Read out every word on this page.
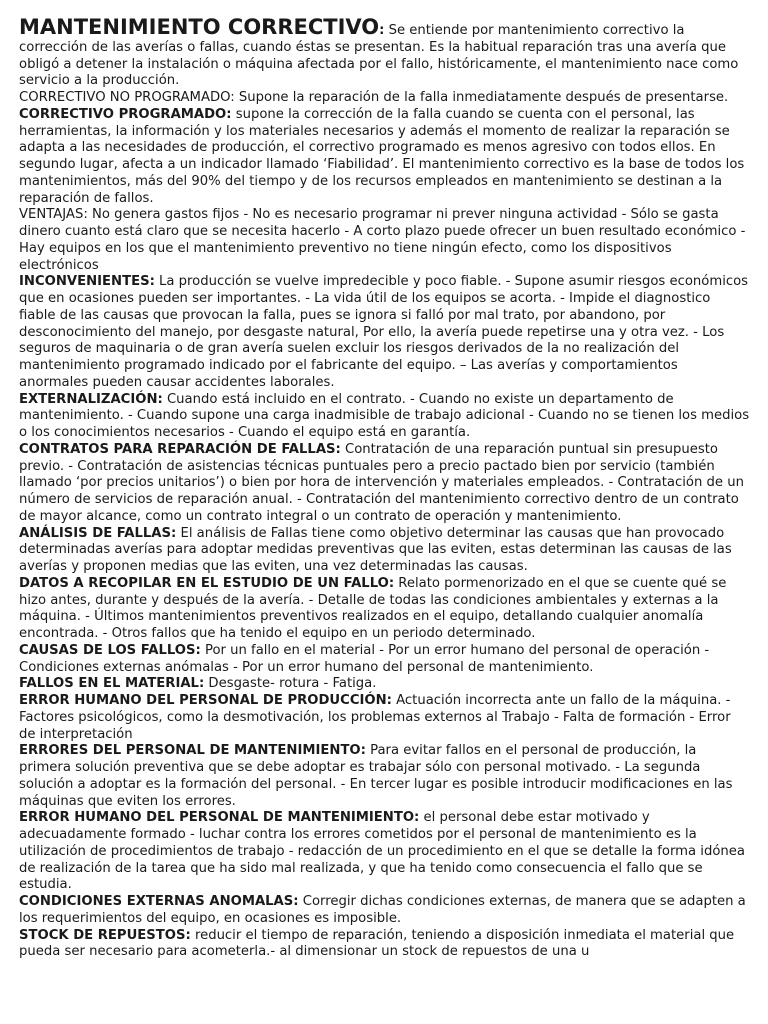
MANTENIMIENTO CORRECTIVO: Se entiende por mantenimiento correctivo la corrección de las averías o fallas, cuando éstas se presentan. Es la habitual reparación tras una avería que obligó a detener la instalación o máquina afectada por el fallo, históricamente, el mantenimiento nace como servicio a la producción.

CORRECTIVO NO PROGRAMADO: Supone la reparación de la falla inmediatamente después de presentarse.

CORRECTIVO PROGRAMADO: supone la corrección de la falla cuando se cuenta con el personal, las herramientas, la información y los materiales necesarios y además el momento de realizar la reparación se adapta a las necesidades de producción, el correctivo programado es menos agresivo con todos ellos. En segundo lugar, afecta a un indicador llamado ‘Fiabilidad’. El mantenimiento correctivo es la base de todos los mantenimientos, más del 90% del tiempo y de los recursos empleados en mantenimiento se destinan a la reparación de fallos.

VENTAJAS: No genera gastos fijos - No es necesario programar ni prever ninguna actividad - Sólo se gasta dinero cuanto está claro que se necesita hacerlo - A corto plazo puede ofrecer un buen resultado económico - Hay equipos en los que el mantenimiento preventivo no tiene ningún efecto, como los dispositivos electrónicos

INCONVENIENTES: La producción se vuelve impredecible y poco fiable. - Supone asumir riesgos económicos que en ocasiones pueden ser importantes. - La vida útil de los equipos se acorta. - Impide el diagnostico fiable de las causas que provocan la falla, pues se ignora si falló por mal trato, por abandono, por desconocimiento del manejo, por desgaste natural, Por ello, la avería puede repetirse una y otra vez. - Los seguros de maquinaria o de gran avería suelen excluir los riesgos derivados de la no realización del mantenimiento programado indicado por el fabricante del equipo. – Las averías y comportamientos anormales pueden causar accidentes laborales.

EXTERNALIZACIÓN: Cuando está incluido en el contrato. - Cuando no existe un departamento de mantenimiento. - Cuando supone una carga inadmisible de trabajo adicional - Cuando no se tienen los medios o los conocimientos necesarios - Cuando el equipo está en garantía.

CONTRATOS PARA REPARACIÓN DE FALLAS: Contratación de una reparación puntual sin presupuesto previo. - Contratación de asistencias técnicas puntuales pero a precio pactado bien por servicio (también llamado ‘por precios unitarios’) o bien por hora de intervención y materiales empleados. - Contratación de un número de servicios de reparación anual. - Contratación del mantenimiento correctivo dentro de un contrato de mayor alcance, como un contrato integral o un contrato de operación y mantenimiento.

ANÁLISIS DE FALLAS: El análisis de Fallas tiene como objetivo determinar las causas que han provocado determinadas averías para adoptar medidas preventivas que las eviten, estas determinan las causas de las averías y proponen medias que las eviten, una vez determinadas las causas.

DATOS A RECOPILAR EN EL ESTUDIO DE UN FALLO: Relato pormenorizado en el que se cuente qué se hizo antes, durante y después de la avería. - Detalle de todas las condiciones ambientales y externas a la máquina. - Últimos mantenimientos preventivos realizados en el equipo, detallando cualquier anomalía encontrada. - Otros fallos que ha tenido el equipo en un periodo determinado.

CAUSAS DE LOS FALLOS: Por un fallo en el material - Por un error humano del personal de operación - Condiciones externas anómalas - Por un error humano del personal de mantenimiento.

FALLOS EN EL MATERIAL: Desgaste- rotura - Fatiga.

ERROR HUMANO DEL PERSONAL DE PRODUCCIÓN: Actuación incorrecta ante un fallo de la máquina. - Factores psicológicos, como la desmotivación, los problemas externos al Trabajo - Falta de formación - Error de interpretación

ERRORES DEL PERSONAL DE MANTENIMIENTO: Para evitar fallos en el personal de producción, la primera solución preventiva que se debe adoptar es trabajar sólo con personal motivado. - La segunda solución a adoptar es la formación del personal. - En tercer lugar es posible introducir modificaciones en las máquinas que eviten los errores.

ERROR HUMANO DEL PERSONAL DE MANTENIMIENTO: el personal debe estar motivado y adecuadamente formado - luchar contra los errores cometidos por el personal de mantenimiento es la utilización de procedimientos de trabajo - redacción de un procedimiento en el que se detalle la forma idónea de realización de la tarea que ha sido mal realizada, y que ha tenido como consecuencia el fallo que se estudia.

CONDICIONES EXTERNAS ANOMALAS: Corregir dichas condiciones externas, de manera que se adapten a los requerimientos del equipo, en ocasiones es imposible.

STOCK DE REPUESTOS: reducir el tiempo de reparación, teniendo a disposición inmediata el material que pueda ser necesario para acometerla.- al dimensionar un stock de repuestos de una u
